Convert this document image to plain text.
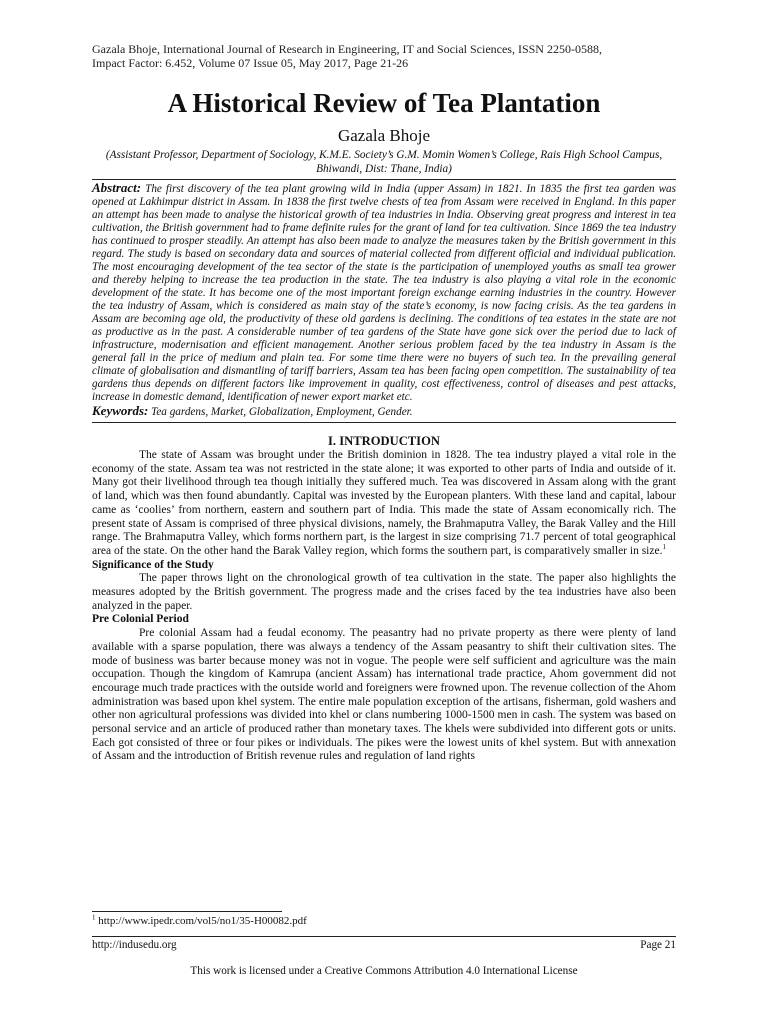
Gazala Bhoje, International Journal of Research in Engineering, IT and Social Sciences, ISSN 2250-0588,
Impact Factor: 6.452, Volume 07 Issue 05, May 2017, Page 21-26
A Historical Review of Tea Plantation
Gazala Bhoje
(Assistant Professor, Department of Sociology, K.M.E. Society’s G.M. Momin Women’s College, Rais High School Campus, Bhiwandi, Dist: Thane, India)
Abstract: The first discovery of the tea plant growing wild in India (upper Assam) in 1821. In 1835 the first tea garden was opened at Lakhimpur district in Assam. In 1838 the first twelve chests of tea from Assam were received in England. In this paper an attempt has been made to analyse the historical growth of tea industries in India. Observing great progress and interest in tea cultivation, the British government had to frame definite rules for the grant of land for tea cultivation. Since 1869 the tea industry has continued to prosper steadily. An attempt has also been made to analyze the measures taken by the British government in this regard. The study is based on secondary data and sources of material collected from different official and individual publication. The most encouraging development of the tea sector of the state is the participation of unemployed youths as small tea grower and thereby helping to increase the tea production in the state. The tea industry is also playing a vital role in the economic development of the state. It has become one of the most important foreign exchange earning industries in the country. However the tea industry of Assam, which is considered as main stay of the state’s economy, is now facing crisis. As the tea gardens in Assam are becoming age old, the productivity of these old gardens is declining. The conditions of tea estates in the state are not as productive as in the past. A considerable number of tea gardens of the State have gone sick over the period due to lack of infrastructure, modernisation and efficient management. Another serious problem faced by the tea industry in Assam is the general fall in the price of medium and plain tea. For some time there were no buyers of such tea. In the prevailing general climate of globalisation and dismantling of tariff barriers, Assam tea has been facing open competition. The sustainability of tea gardens thus depends on different factors like improvement in quality, cost effectiveness, control of diseases and pest attacks, increase in domestic demand, identification of newer export market etc.
Keywords: Tea gardens, Market, Globalization, Employment, Gender.
I. INTRODUCTION

The state of Assam was brought under the British dominion in 1828. The tea industry played a vital role in the economy of the state. Assam tea was not restricted in the state alone; it was exported to other parts of India and outside of it. Many got their livelihood through tea though initially they suffered much. Tea was discovered in Assam along with the grant of land, which was then found abundantly. Capital was invested by the European planters. With these land and capital, labour came as ‘coolies’ from northern, eastern and southern part of India. This made the state of Assam economically rich. The present state of Assam is comprised of three physical divisions, namely, the Brahmaputra Valley, the Barak Valley and the Hill range. The Brahmaputra Valley, which forms northern part, is the largest in size comprising 71.7 percent of total geographical area of the state. On the other hand the Barak Valley region, which forms the southern part, is comparatively smaller in size.$^1$

Significance of the Study

The paper throws light on the chronological growth of tea cultivation in the state. The paper also highlights the measures adopted by the British government. The progress made and the crises faced by the tea industries have also been analyzed in the paper.

Pre Colonial Period

Pre colonial Assam had a feudal economy. The peasantry had no private property as there were plenty of land available with a sparse population, there was always a tendency of the Assam peasantry to shift their cultivation sites. The mode of business was barter because money was not in vogue. The people were self sufficient and agriculture was the main occupation. Though the kingdom of Kamrupa (ancient Assam) has international trade practice, Ahom government did not encourage much trade practices with the outside world and foreigners were frowned upon. The revenue collection of the Ahom administration was based upon khel system. The entire male population exception of the artisans, fisherman, gold washers and other non agricultural professions was divided into khel or clans numbering 1000-1500 men in cash. The system was based on personal service and an article of produced rather than monetary taxes. The khels were subdivided into different gots or units. Each got consisted of three or four pikes or individuals. The pikes were the lowest units of khel system. But with annexation of Assam and the introduction of British revenue rules and regulation of land rights

$^1$ http://www.ipedr.com/vol5/no1/35-H00082.pdf
http://indusedu.org	Page 21
This work is licensed under a Creative Commons Attribution 4.0 International License
